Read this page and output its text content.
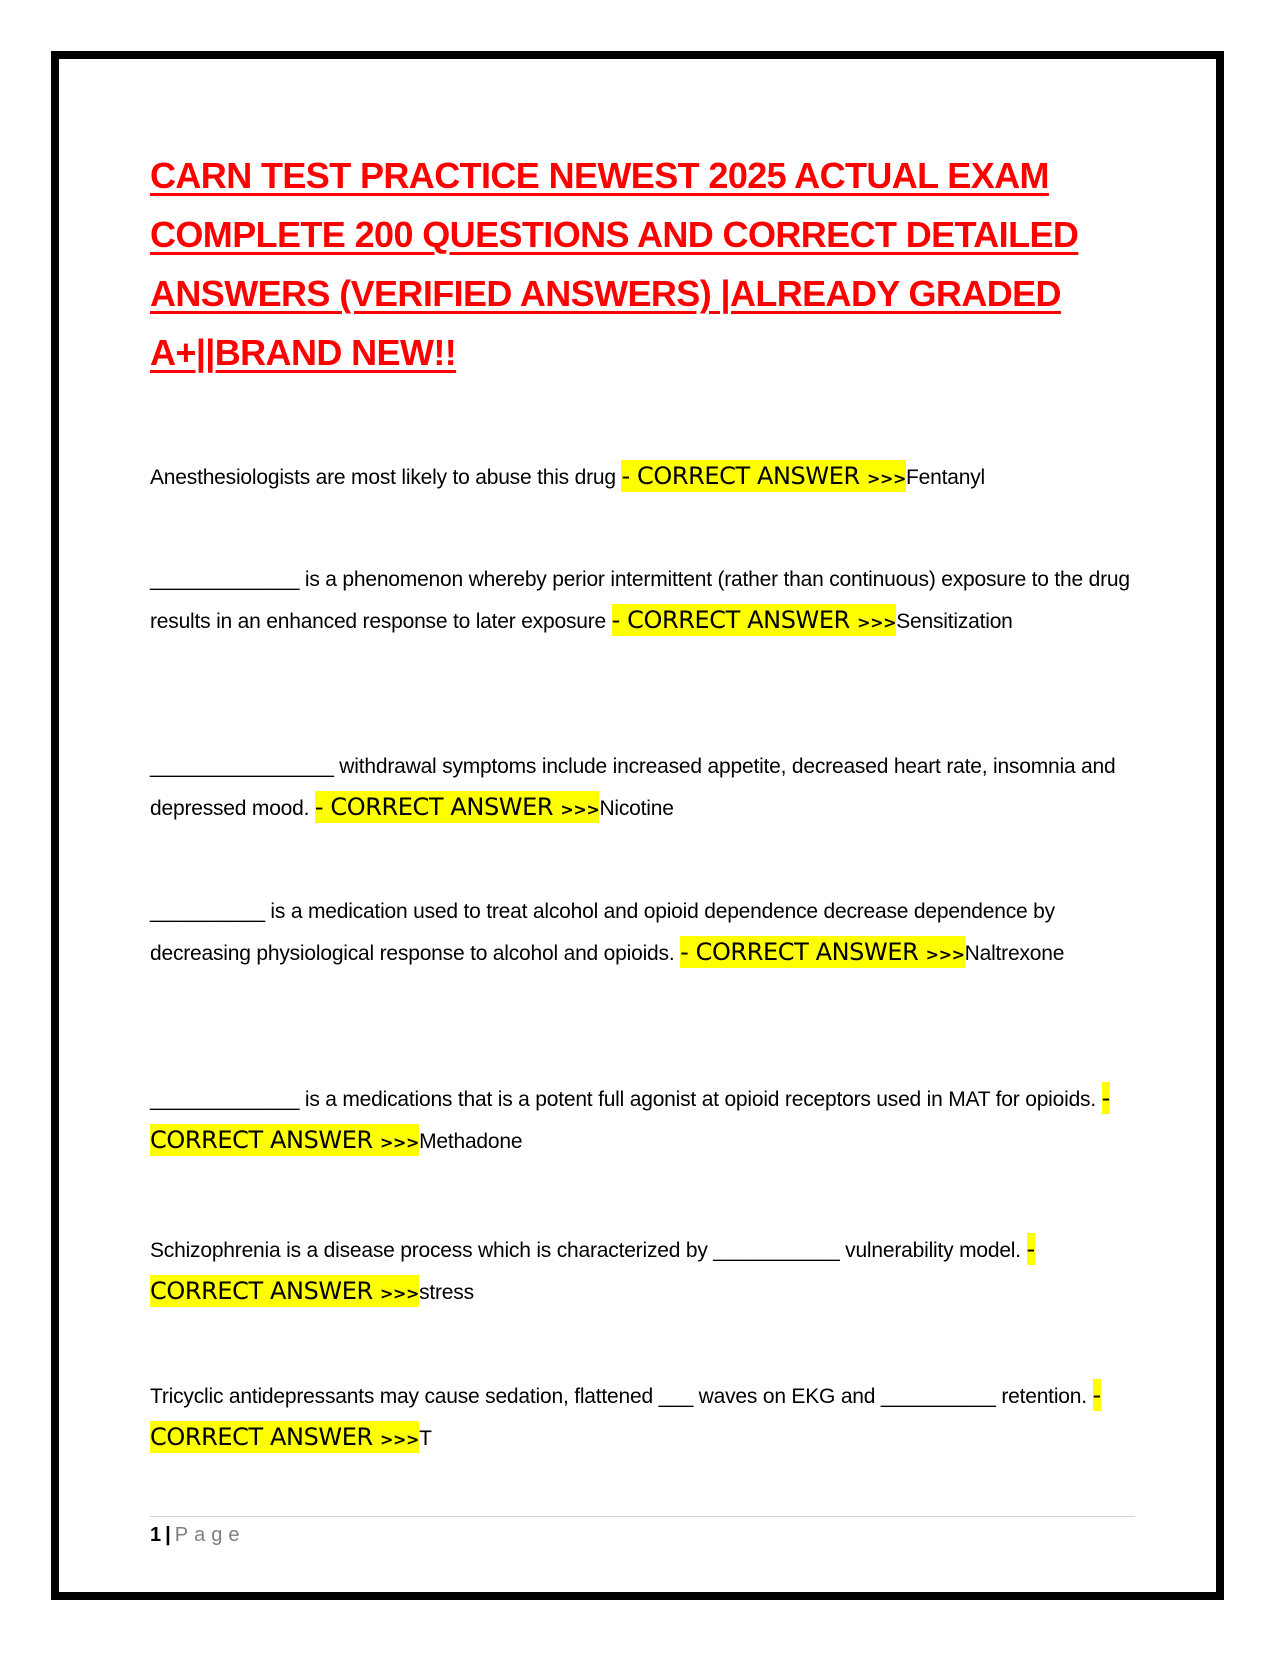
CARN TEST PRACTICE NEWEST 2025 ACTUAL EXAM COMPLETE 200 QUESTIONS AND CORRECT DETAILED ANSWERS (VERIFIED ANSWERS) |ALREADY GRADED A+||BRAND NEW!!
Anesthesiologists are most likely to abuse this drug - CORRECT ANSWER >>>Fentanyl
_____________ is a phenomenon whereby perior intermittent (rather than continuous) exposure to the drug results in an enhanced response to later exposure - CORRECT ANSWER >>>Sensitization
________________ withdrawal symptoms include increased appetite, decreased heart rate, insomnia and depressed mood. - CORRECT ANSWER >>>Nicotine
__________ is a medication used to treat alcohol and opioid dependence decrease dependence by decreasing physiological response to alcohol and opioids. - CORRECT ANSWER >>>Naltrexone
_____________ is a medications that is a potent full agonist at opioid receptors used in MAT for opioids. - CORRECT ANSWER >>>Methadone
Schizophrenia is a disease process which is characterized by ___________ vulnerability model. - CORRECT ANSWER >>>stress
Tricyclic antidepressants may cause sedation, flattened ___ waves on EKG and __________ retention. - CORRECT ANSWER >>>T
1 | Page
